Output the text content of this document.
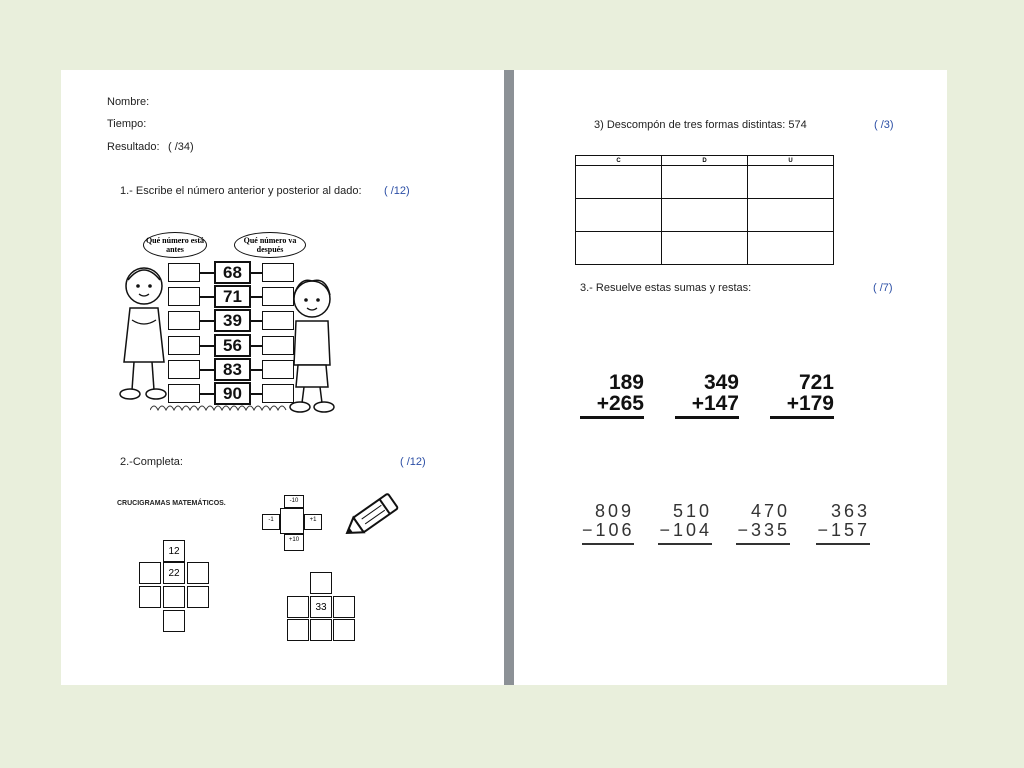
Nombre:
Tiempo:
Resultado: ( /34)
1.- Escribe el número anterior y posterior al dado: ( /12)
Qué número está antes
Qué número va después
68
71
39
56
83
90
2.-Completa:	( /12)
CRUCIGRAMAS MATEMÁTICOS.	-10
-1	+1
+10
12
22
33
3) Descompón de tres formas distintas: 574	( /3)
C	D	U

3.- Resuelve estas sumas y restas:	( /7)
189
+265
349
+147
721
+179
809
−106
510
−104
470
−335
363
−157
